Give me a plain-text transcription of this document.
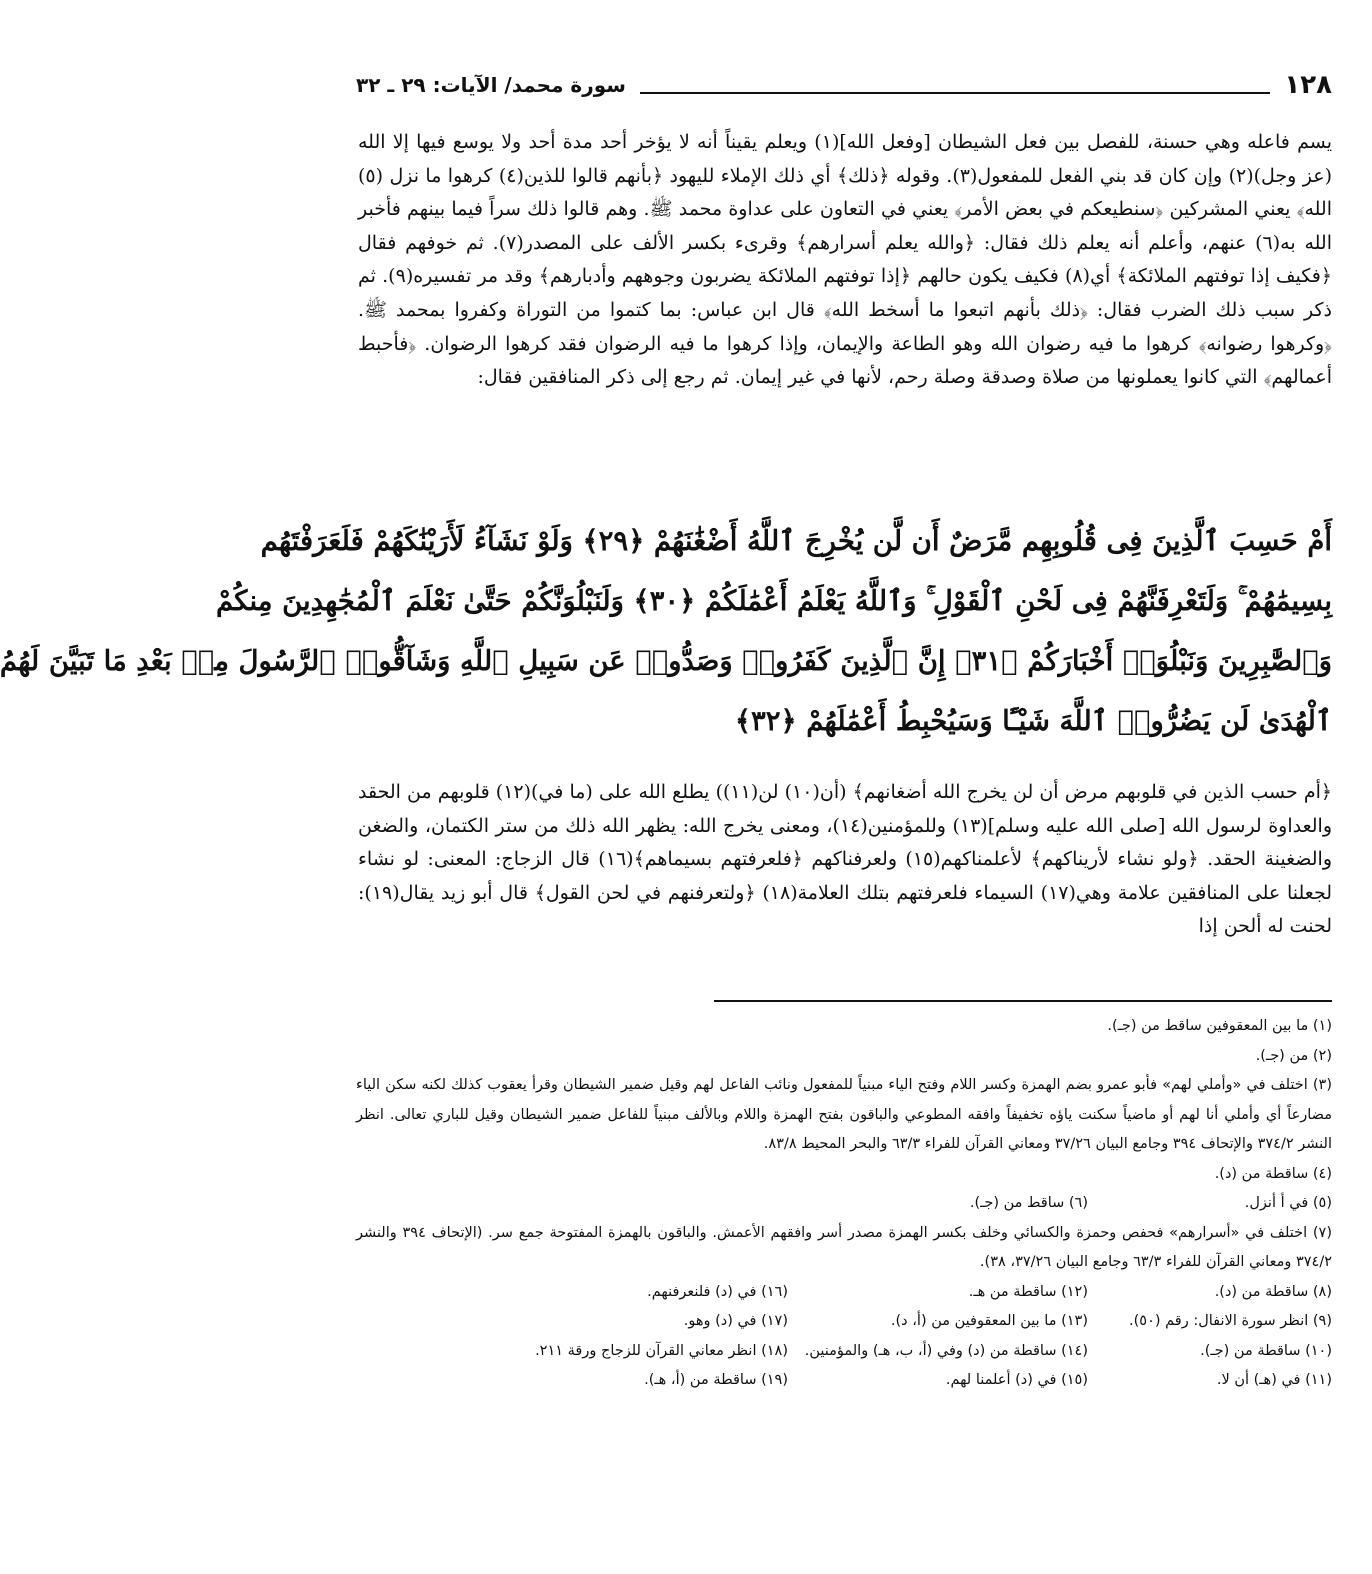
١٢٨
سورة محمد/ الآيات: ٢٩ ـ ٣٢

يسم فاعله وهي حسنة، للفصل بين فعل الشيطان [وفعل الله](١) ويعلم يقيناً أنه لا يؤخر أحد مدة أحد ولا يوسع فيها إلا الله (عز وجل)(٢) وإن كان قد بني الفعل للمفعول(٣). وقوله ﴿ذلك﴾ أي ذلك الإملاء لليهود ﴿بأنهم قالوا للذين(٤) كرهوا ما نزل (٥) الله﴾ يعني المشركين ﴿سنطيعكم في بعض الأمر﴾ يعني في التعاون على عداوة محمد ﷺ. وهم قالوا ذلك سراً فيما بينهم فأخبر الله به(٦) عنهم، وأعلم أنه يعلم ذلك فقال: ﴿والله يعلم أسرارهم﴾ وقرىء بكسر الألف على المصدر(٧). ثم خوفهم فقال ﴿فكيف إذا توفتهم الملائكة﴾ أي(٨) فكيف يكون حالهم ﴿إذا توفتهم الملائكة يضربون وجوههم وأدبارهم﴾ وقد مر تفسيره(٩). ثم ذكر سبب ذلك الضرب فقال: ﴿ذلك بأنهم اتبعوا ما أسخط الله﴾ قال ابن عباس: بما كتموا من التوراة وكفروا بمحمد ﷺ. ﴿وكرهوا رضوانه﴾ كرهوا ما فيه رضوان الله وهو الطاعة والإيمان، وإذا كرهوا ما فيه الرضوان فقد كرهوا الرضوان. ﴿فأحبط أعمالهم﴾ التي كانوا يعملونها من صلاة وصدقة وصلة رحم، لأنها في غير إيمان. ثم رجع إلى ذكر المنافقين فقال:

أَمْ حَسِبَ ٱلَّذِينَ فِى قُلُوبِهِم مَّرَضٌ أَن لَّن يُخْرِجَ ٱللَّهُ أَضْغَٰنَهُمْ ﴿٢٩﴾ وَلَوْ نَشَآءُ لَأَرَيْنَٰكَهُمْ فَلَعَرَفْتَهُم
بِسِيمَٰهُمْ ۚ وَلَتَعْرِفَنَّهُمْ فِى لَحْنِ ٱلْقَوْلِ ۚ وَٱللَّهُ يَعْلَمُ أَعْمَٰلَكُمْ ﴿٣٠﴾ وَلَنَبْلُوَنَّكُمْ حَتَّىٰ نَعْلَمَ ٱلْمُجَٰهِدِينَ مِنكُمْ
وَٱلصَّٰبِرِينَ وَنَبْلُوَا۟ أَخْبَارَكُمْ ﴿٣١﴾ إِنَّ ٱلَّذِينَ كَفَرُوا۟ وَصَدُّوا۟ عَن سَبِيلِ ٱللَّهِ وَشَآقُّوا۟ ٱلرَّسُولَ مِنۢ بَعْدِ مَا تَبَيَّنَ لَهُمُ
ٱلْهُدَىٰ لَن يَضُرُّوا۟ ٱللَّهَ شَيْـًٔا وَسَيُحْبِطُ أَعْمَٰلَهُمْ ﴿٣٢﴾

﴿أم حسب الذين في قلوبهم مرض أن لن يخرج الله أضغانهم﴾ (أن(١٠) لن(١١)) يطلع الله على (ما في)(١٢) قلوبهم من الحقد والعداوة لرسول الله [صلى الله عليه وسلم](١٣) وللمؤمنين(١٤)، ومعنى يخرج الله: يظهر الله ذلك من ستر الكتمان، والضغن والضغينة الحقد. ﴿ولو نشاء لأريناكهم﴾ لأعلمناكهم(١٥) ولعرفناكهم ﴿فلعرفتهم بسيماهم﴾(١٦) قال الزجاج: المعنى: لو نشاء لجعلنا على المنافقين علامة وهي(١٧) السيماء فلعرفتهم بتلك العلامة(١٨) ﴿ولتعرفنهم في لحن القول﴾ قال أبو زيد يقال(١٩): لحنت له ألحن إذا

(١) ما بين المعقوفين ساقط من (جـ).

(٢) من (جـ).

(٣) اختلف في «وأملي لهم» فأبو عمرو بضم الهمزة وكسر اللام وفتح الياء مبنياً للمفعول ونائب الفاعل لهم وقيل ضمير الشيطان وقرأ يعقوب كذلك لكنه سكن الياء مضارعاً أي وأملي أنا لهم أو ماضياً سكنت ياؤه تخفيفاً وافقه المطوعي والباقون بفتح الهمزة واللام وبالألف مبنياً للفاعل ضمير الشيطان وقيل للباري تعالى. انظر النشر ٣٧٤/٢ والإتحاف ٣٩٤ وجامع البيان ٣٧/٢٦ ومعاني القرآن للفراء ٦٣/٣ والبحر المحيط ٨٣/٨.

(٤) ساقطة من (د).

(٥) في أ أنزل.
(٦) ساقط من (جـ).

(٧) اختلف في «أسرارهم» فحفص وحمزة والكسائي وخلف بكسر الهمزة مصدر أسر وافقهم الأعمش. والباقون بالهمزة المفتوحة جمع سر. (الإتحاف ٣٩٤ والنشر ٣٧٤/٢ ومعاني القرآن للفراء ٦٣/٣ وجامع البيان ٣٧/٢٦، ٣٨).

(٨) ساقطة من (د).
(١٢) ساقطة من هـ.
(١٦) في (د) فلنعرفنهم.
(٩) انظر سورة الانفال: رقم (٥٠).
(١٣) ما بين المعقوفين من (أ، د).
(١٧) في (د) وهو.
(١٠) ساقطة من (جـ).
(١٤) ساقطة من (د) وفي (أ، ب، هـ) والمؤمنين.
(١٨) انظر معاني القرآن للزجاج ورقة ٢١١.
(١١) في (هـ) أن لا.
(١٥) في (د) أعلمنا لهم.
(١٩) ساقطة من (أ، هـ).
